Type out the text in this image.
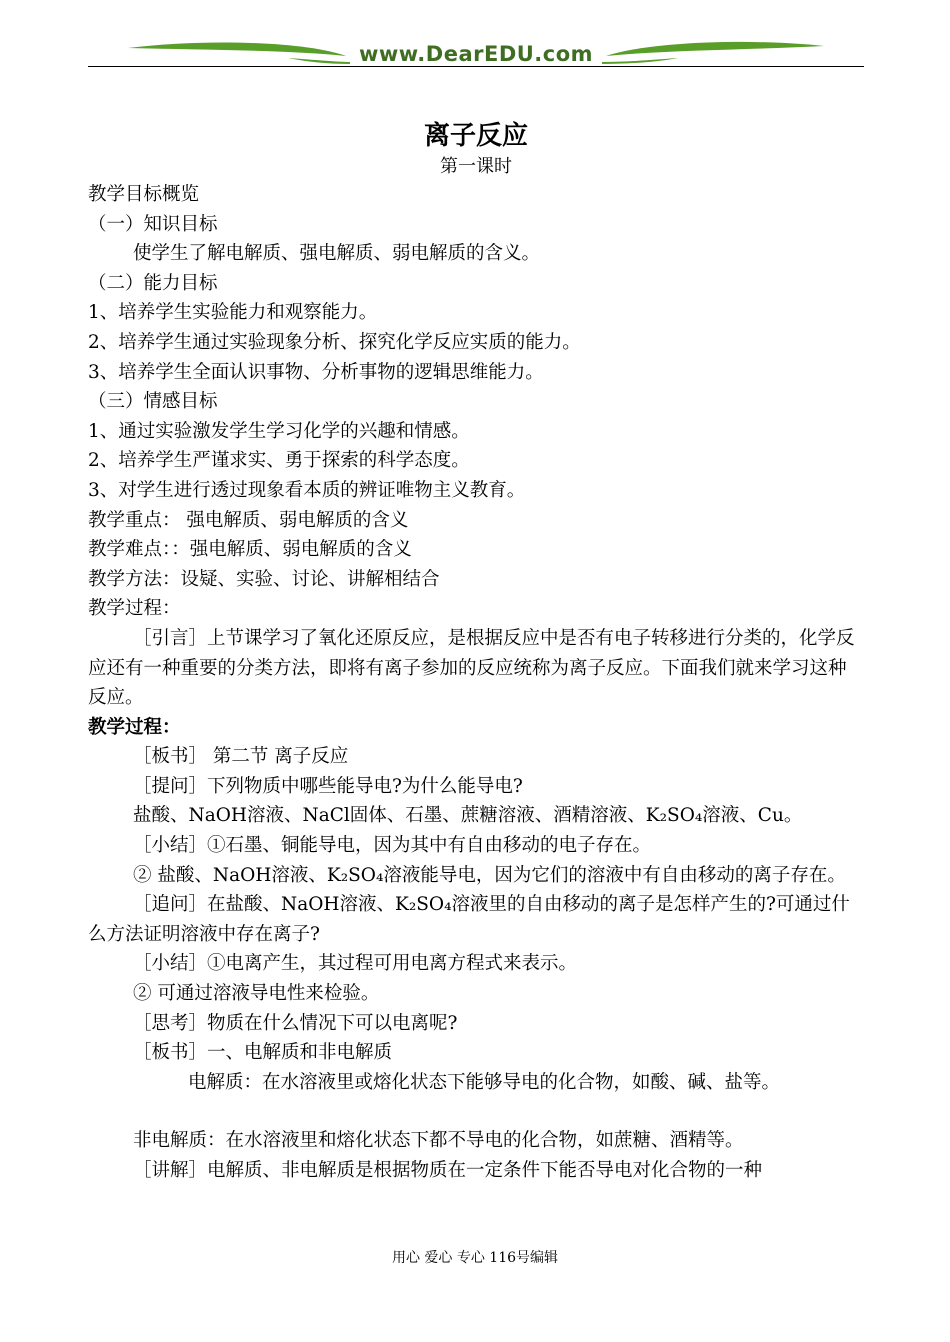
www.DearEDU.com
离子反应
第一课时
教学目标概览
（一）知识目标
使学生了解电解质、强电解质、弱电解质的含义。
（二）能力目标
1、培养学生实验能力和观察能力。
2、培养学生通过实验现象分析、探究化学反应实质的能力。
3、培养学生全面认识事物、分析事物的逻辑思维能力。
（三）情感目标
1、通过实验激发学生学习化学的兴趣和情感。
2、培养学生严谨求实、勇于探索的科学态度。
3、对学生进行透过现象看本质的辨证唯物主义教育。
教学重点： 强电解质、弱电解质的含义
教学难点：：强电解质、弱电解质的含义
教学方法：设疑、实验、讨论、讲解相结合
教学过程：
［引言］上节课学习了氧化还原反应，是根据反应中是否有电子转移进行分类的，化学反应还有一种重要的分类方法，即将有离子参加的反应统称为离子反应。下面我们就来学习这种反应。
教学过程：
［板书］ 第二节 离子反应
［提问］下列物质中哪些能导电?为什么能导电?
盐酸、NaOH溶液、NaCl固体、石墨、蔗糖溶液、酒精溶液、K₂SO₄溶液、Cu。
［小结］①石墨、铜能导电，因为其中有自由移动的电子存在。
② 盐酸、NaOH溶液、K₂SO₄溶液能导电，因为它们的溶液中有自由移动的离子存在。
［追问］在盐酸、NaOH溶液、K₂SO₄溶液里的自由移动的离子是怎样产生的?可通过什么方法证明溶液中存在离子?
［小结］①电离产生，其过程可用电离方程式来表示。
② 可通过溶液导电性来检验。
［思考］物质在什么情况下可以电离呢?
［板书］一、电解质和非电解质
电解质：在水溶液里或熔化状态下能够导电的化合物，如酸、碱、盐等。
非电解质：在水溶液里和熔化状态下都不导电的化合物，如蔗糖、酒精等。
［讲解］电解质、非电解质是根据物质在一定条件下能否导电对化合物的一种
用心 爱心 专心 116号编辑
